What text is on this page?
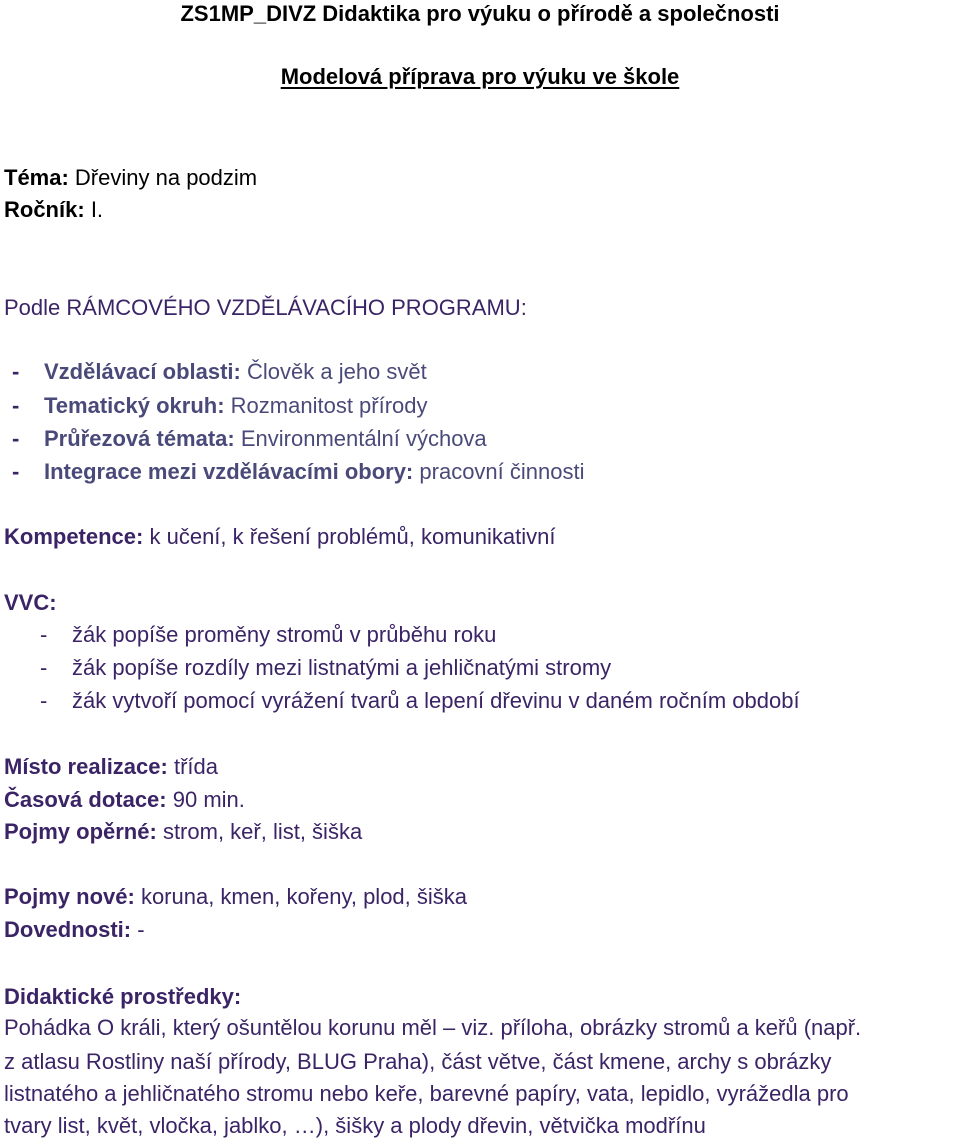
ZS1MP_DIVZ Didaktika pro výuku o přírodě a společnosti
Modelová příprava pro výuku ve škole
Téma: Dřeviny na podzim
Ročník: I.
Podle RÁMCOVÉHO VZDĚLÁVACÍHO PROGRAMU:
- Vzdělávací oblasti: Člověk a jeho svět
- Tematický okruh: Rozmanitost přírody
- Průřezová témata: Environmentální výchova
- Integrace mezi vzdělávacími obory: pracovní činnosti
Kompetence: k učení, k řešení problémů, komunikativní
VVC:
- žák popíše proměny stromů v průběhu roku
- žák popíše rozdíly mezi listnatými a jehličnatými stromy
- žák vytvoří pomocí vyrážení tvarů a lepení dřevinu v daném ročním období
Místo realizace: třída
Časová dotace: 90 min.
Pojmy opěrné: strom, keř, list, šiška
Pojmy nové: koruna, kmen, kořeny, plod, šiška
Dovednosti: -
Didaktické prostředky:
Pohádka O králi, který ošuntělou korunu měl – viz. příloha, obrázky stromů a keřů (např.
z atlasu Rostliny naší přírody, BLUG Praha), část větve, část kmene, archy s obrázky
listnatého a jehličnatého stromu nebo keře, barevné papíry, vata, lepidlo, vyrážedla pro
tvary list, květ, vločka, jablko, …), šišky a plody dřevin, větvička modřínu
